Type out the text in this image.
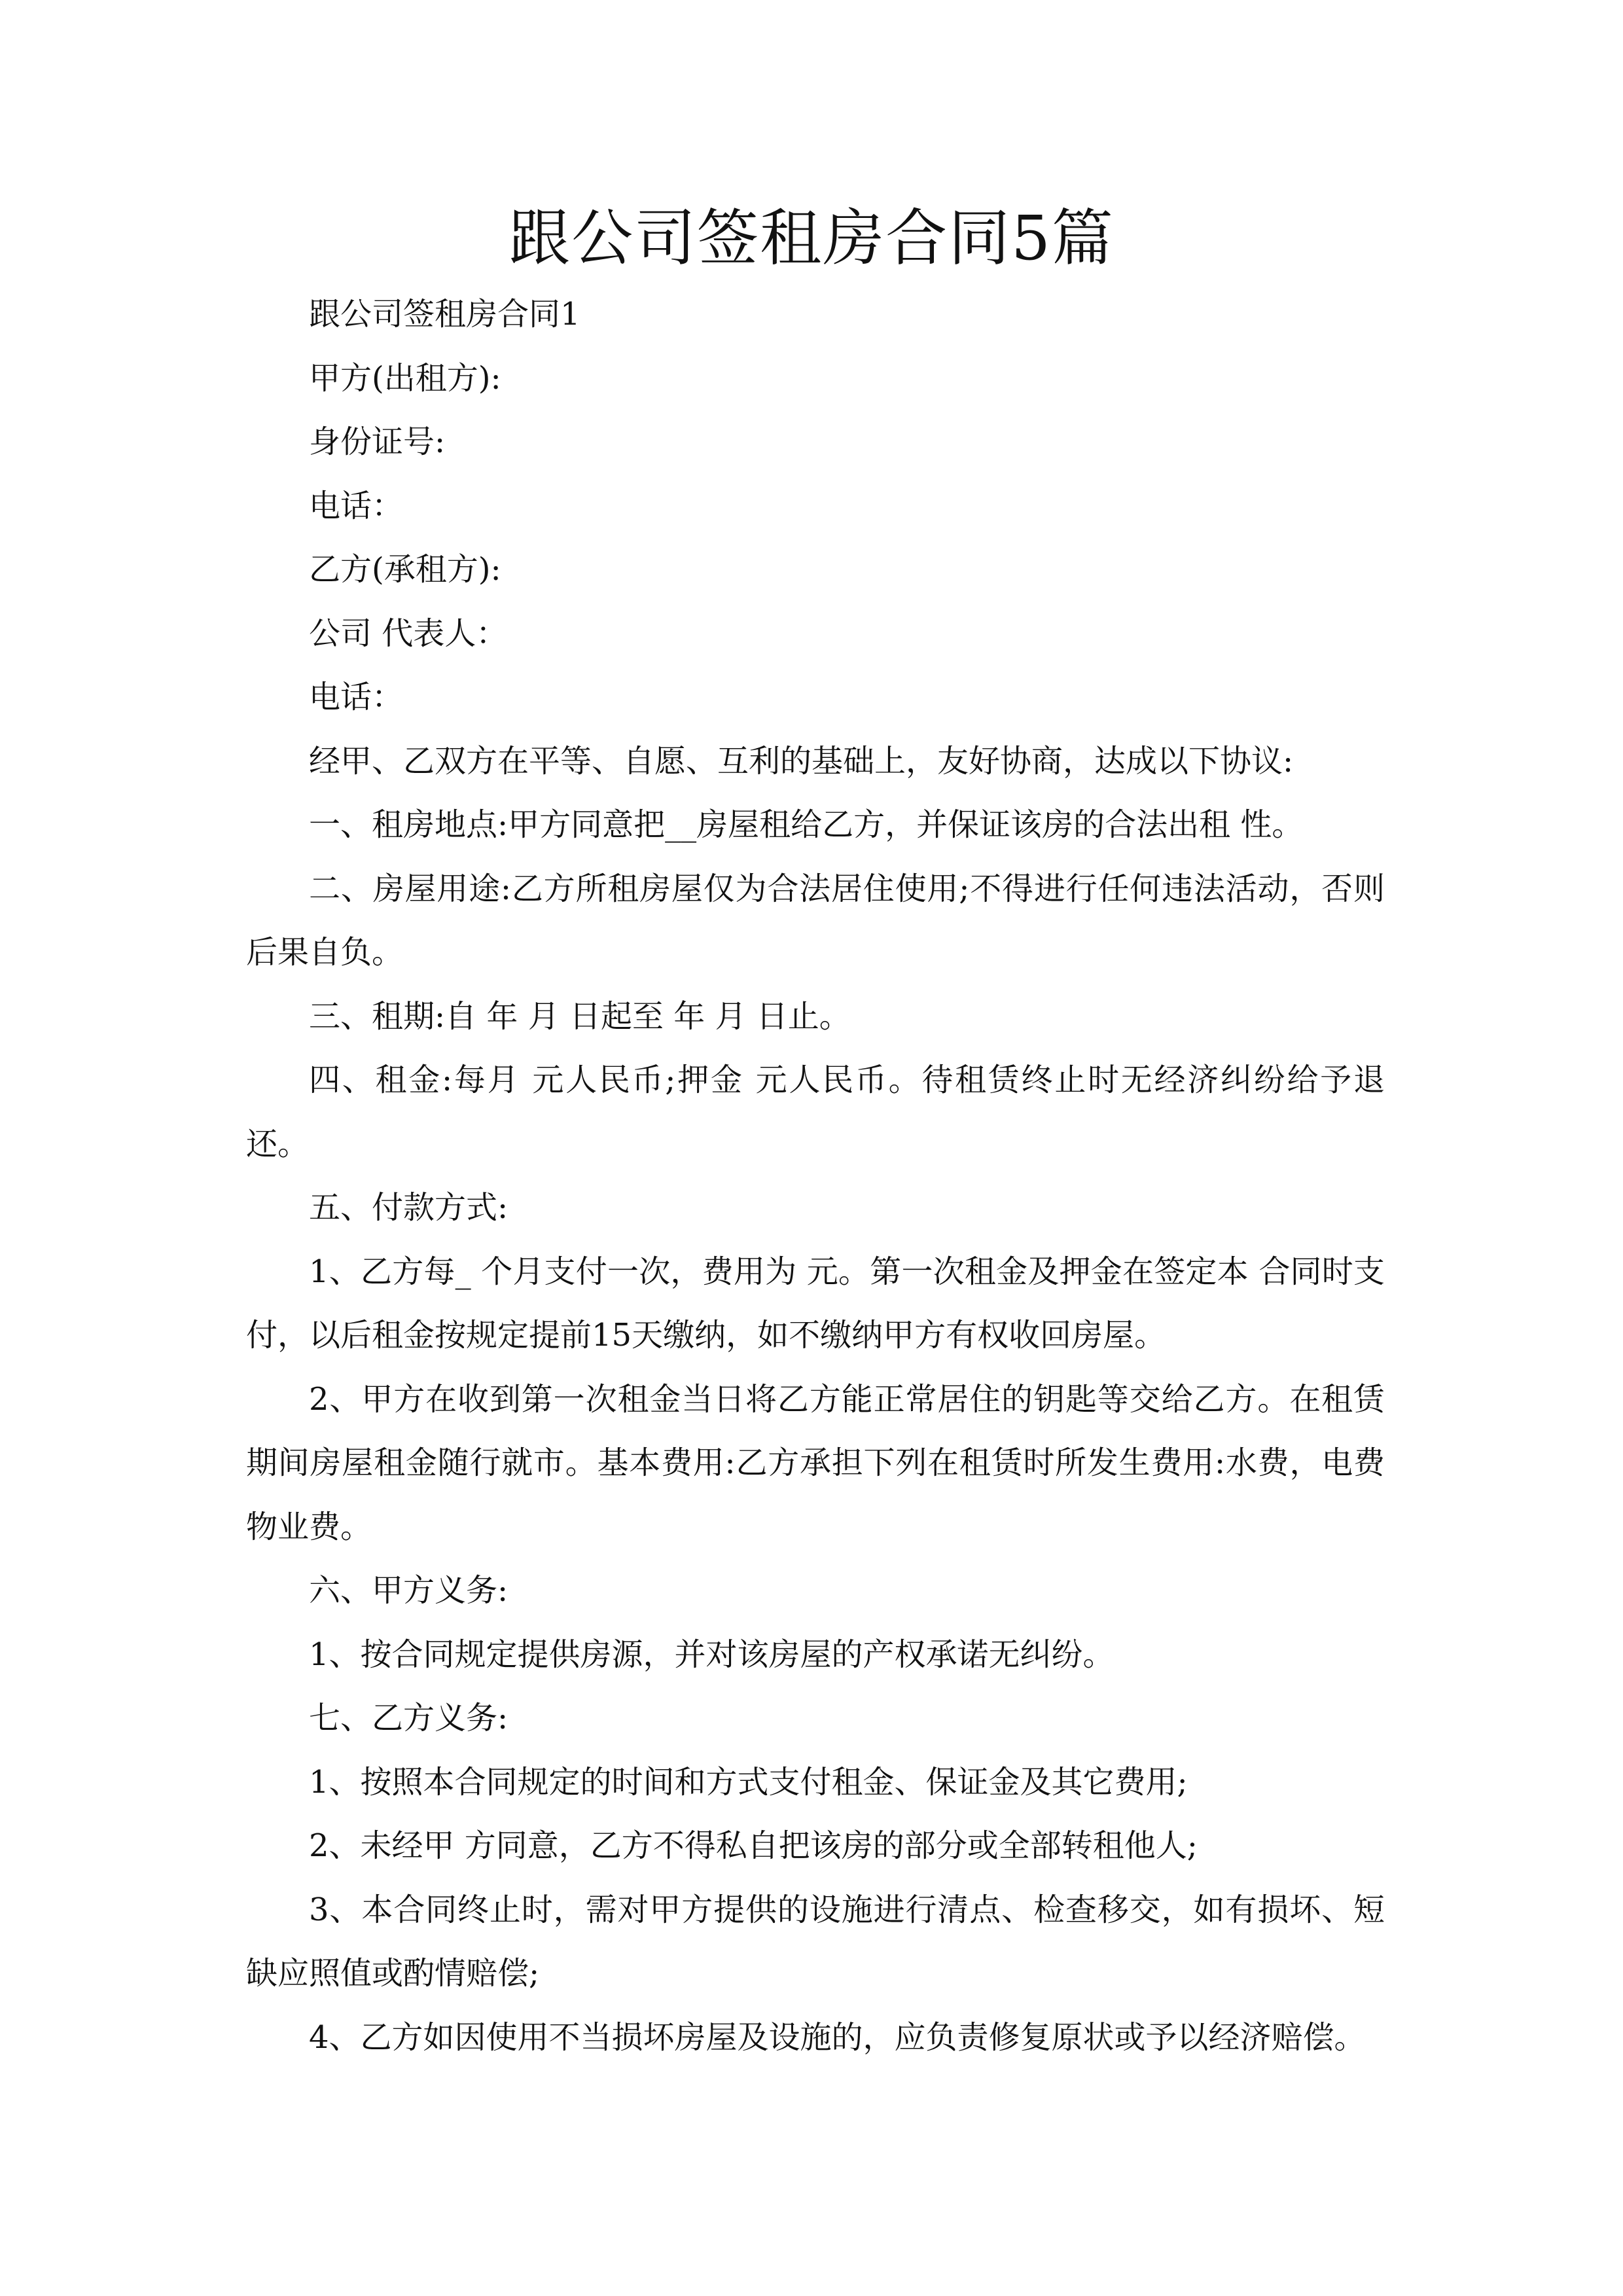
跟公司签租房合同5篇

跟公司签租房合同1

甲方(出租方):

身份证号:

电话：

乙方(承租方):

公司 代表人：

电话：

经甲、乙双方在平等、自愿、互利的基础上，友好协商，达成以下协议:

一、租房地点:甲方同意把__房屋租给乙方，并保证该房的合法出租 性。

二、房屋用途:乙方所租房屋仅为合法居住使用;不得进行任何违法活动，否则后果自负。

三、租期:自 年 月 日起至 年 月 日止。

四、租金:每月 元人民币;押金 元人民币。待租赁终止时无经济纠纷给予退还。

五、付款方式:

1、乙方每_ 个月支付一次，费用为 元。第一次租金及押金在签定本 合同时支付，以后租金按规定提前15天缴纳，如不缴纳甲方有权收回房屋。

2、甲方在收到第一次租金当日将乙方能正常居住的钥匙等交给乙方。在租赁期间房屋租金随行就市。基本费用:乙方承担下列在租赁时所发生费用:水费，电费 物业费。

六、甲方义务:

1、按合同规定提供房源，并对该房屋的产权承诺无纠纷。

七、乙方义务:

1、按照本合同规定的时间和方式支付租金、保证金及其它费用;

2、未经甲 方同意，乙方不得私自把该房的部分或全部转租他人;

3、本合同终止时，需对甲方提供的设施进行清点、检查移交，如有损坏、短缺应照值或酌情赔偿;

4、乙方如因使用不当损坏房屋及设施的，应负责修复原状或予以经济赔偿。
